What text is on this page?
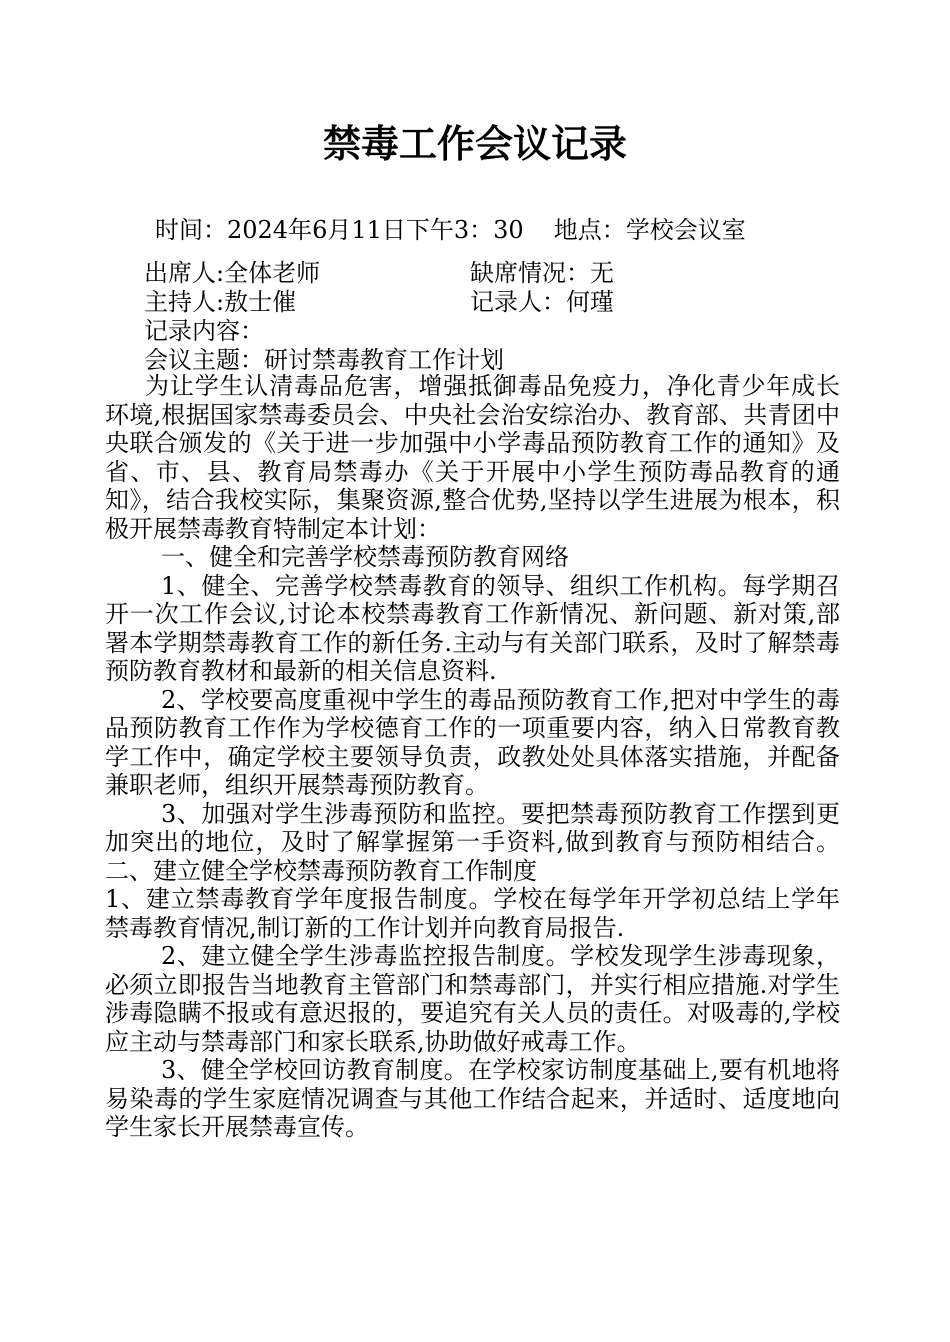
禁毒工作会议记录
时间：2024年6月11日下午3：30 地点：学校会议室
出席人:全体老师	缺席情况：无
主持人:敖士催	记录人：何瑾
记录内容：
会议主题：研讨禁毒教育工作计划

为让学生认清毒品危害，增强抵御毒品免疫力，净化青少年成长环境,根据国家禁毒委员会、中央社会治安综治办、教育部、共青团中央联合颁发的《关于进一步加强中小学毒品预防教育工作的通知》及省、市、县、教育局禁毒办《关于开展中小学生预防毒品教育的通知》，结合我校实际，集聚资源,整合优势,坚持以学生进展为根本，积极开展禁毒教育特制定本计划：

一、健全和完善学校禁毒预防教育网络

1、健全、完善学校禁毒教育的领导、组织工作机构。每学期召开一次工作会议,讨论本校禁毒教育工作新情况、新问题、新对策,部署本学期禁毒教育工作的新任务.主动与有关部门联系，及时了解禁毒预防教育教材和最新的相关信息资料.

2、学校要高度重视中学生的毒品预防教育工作,把对中学生的毒品预防教育工作作为学校德育工作的一项重要内容，纳入日常教育教学工作中，确定学校主要领导负责，政教处处具体落实措施，并配备兼职老师，组织开展禁毒预防教育。

3、加强对学生涉毒预防和监控。要把禁毒预防教育工作摆到更加突出的地位，及时了解掌握第一手资料,做到教育与预防相结合。二、建立健全学校禁毒预防教育工作制度

1、建立禁毒教育学年度报告制度。学校在每学年开学初总结上学年禁毒教育情况,制订新的工作计划并向教育局报告.

2、建立健全学生涉毒监控报告制度。学校发现学生涉毒现象，必须立即报告当地教育主管部门和禁毒部门，并实行相应措施.对学生涉毒隐瞒不报或有意迟报的，要追究有关人员的责任。对吸毒的,学校应主动与禁毒部门和家长联系,协助做好戒毒工作。

3、健全学校回访教育制度。在学校家访制度基础上,要有机地将易染毒的学生家庭情况调查与其他工作结合起来，并适时、适度地向学生家长开展禁毒宣传。
